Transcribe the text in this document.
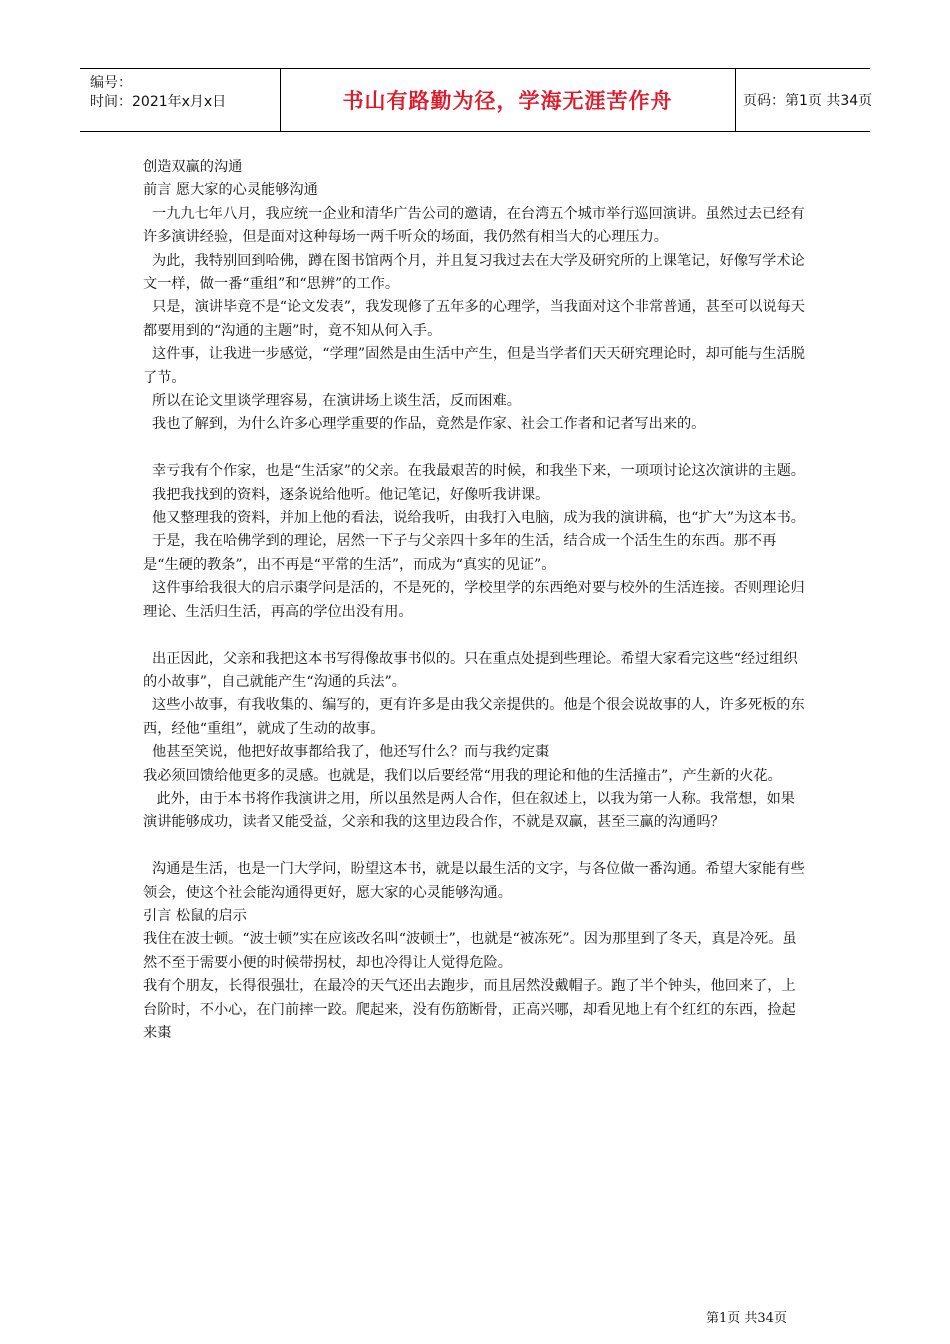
编号：
时间：2021年x月x日	书山有路勤为径，学海无涯苦作舟	页码：第1页 共34页

创造双赢的沟通

前言 愿大家的心灵能够沟通

一九九七年八月，我应统一企业和清华广告公司的邀请，在台湾五个城市举行巡回演讲。虽然过去已经有许多演讲经验，但是面对这种每场一两千听众的场面，我仍然有相当大的心理压力。

为此，我特别回到哈佛，蹲在图书馆两个月，并且复习我过去在大学及研究所的上课笔记，好像写学术论文一样，做一番“重组”和“思辨”的工作。

只是，演讲毕竟不是“论文发表”，我发现修了五年多的心理学，当我面对这个非常普通，甚至可以说每天都要用到的“沟通的主题”时，竟不知从何入手。

这件事，让我进一步感觉，“学理”固然是由生活中产生，但是当学者们天天研究理论时，却可能与生活脱了节。

所以在论文里谈学理容易，在演讲场上谈生活，反而困难。

我也了解到，为什么许多心理学重要的作品，竟然是作家、社会工作者和记者写出来的。

幸亏我有个作家，也是“生活家”的父亲。在我最艰苦的时候，和我坐下来，一项项讨论这次演讲的主题。

我把我找到的资料，逐条说给他听。他记笔记，好像听我讲课。

他又整理我的资料，并加上他的看法，说给我听，由我打入电脑，成为我的演讲稿，也“扩大”为这本书。

于是，我在哈佛学到的理论，居然一下子与父亲四十多年的生活，结合成一个活生生的东西。那不再是“生硬的教条”，出不再是“平常的生活”，而成为“真实的见证”。

这件事给我很大的启示棗学问是活的，不是死的，学校里学的东西绝对要与校外的生活连接。否则理论归理论、生活归生活，再高的学位出没有用。

出正因此，父亲和我把这本书写得像故事书似的。只在重点处提到些理论。希望大家看完这些“经过组织的小故事”，自己就能产生“沟通的兵法”。

这些小故事，有我收集的、编写的，更有许多是由我父亲提供的。他是个很会说故事的人，许多死板的东西，经他“重组”，就成了生动的故事。

他甚至笑说，他把好故事都给我了，他还写什么？而与我约定棗

我必须回馈给他更多的灵感。也就是，我们以后要经常“用我的理论和他的生活撞击”，产生新的火花。

此外，由于本书将作我演讲之用，所以虽然是两人合作，但在叙述上，以我为第一人称。我常想，如果演讲能够成功，读者又能受益，父亲和我的这里边段合作，不就是双赢，甚至三赢的沟通吗？

沟通是生活，也是一门大学问，盼望这本书，就是以最生活的文字，与各位做一番沟通。希望大家能有些领会，使这个社会能沟通得更好，愿大家的心灵能够沟通。

引言 松鼠的启示

我住在波士顿。“波士顿”实在应该改名叫“波顿士”，也就是“被冻死”。因为那里到了冬天，真是冷死。虽然不至于需要小便的时候带拐杖，却也冷得让人觉得危险。

我有个朋友，长得很强壮，在最冷的天气还出去跑步，而且居然没戴帽子。跑了半个钟头，他回来了，上台阶时，不小心，在门前摔一跤。爬起来，没有伤筋断骨，正高兴哪，却看见地上有个红红的东西，捡起来棗

第1页 共34页
